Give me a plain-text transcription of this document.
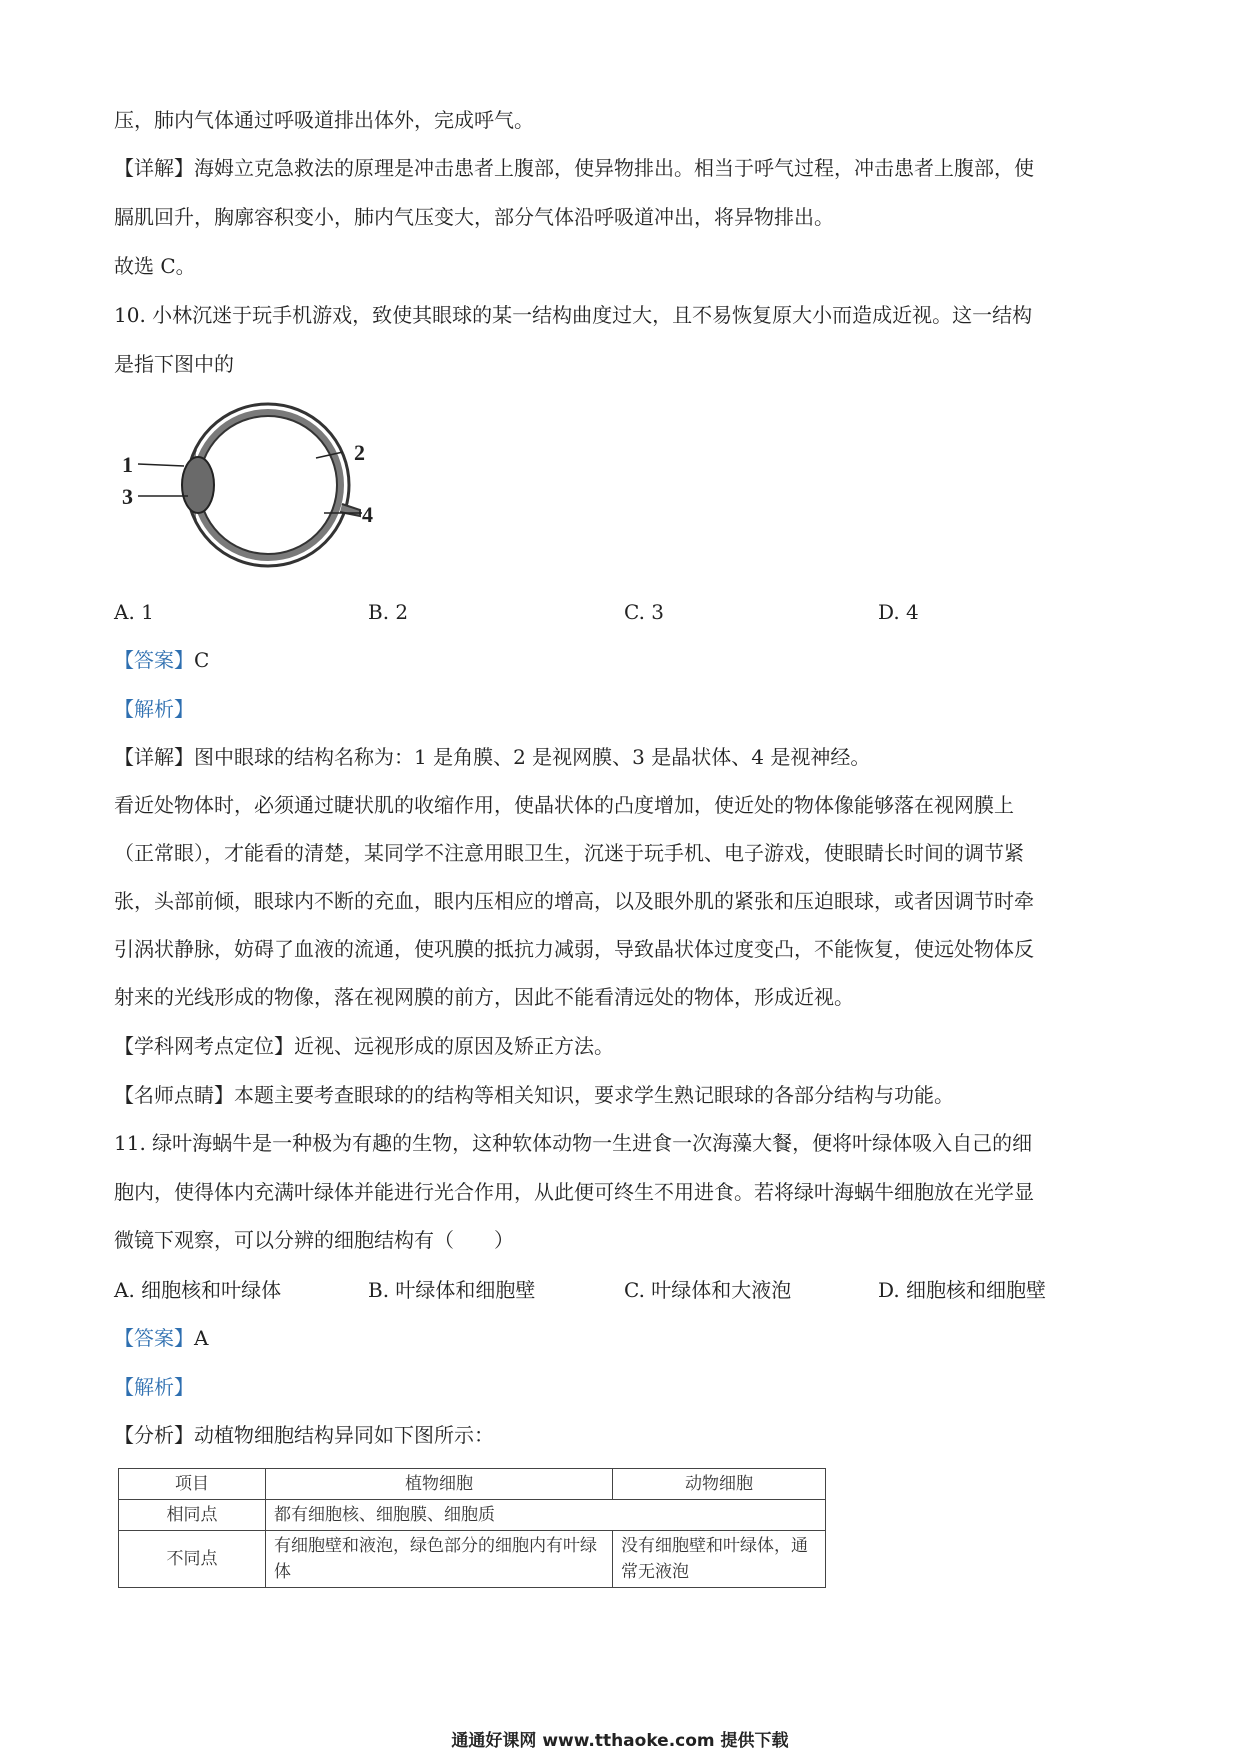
压，肺内气体通过呼吸道排出体外，完成呼气。
【详解】海姆立克急救法的原理是冲击患者上腹部，使异物排出。相当于呼气过程，冲击患者上腹部，使
膈肌回升，胸廓容积变小，肺内气压变大，部分气体沿呼吸道冲出，将异物排出。
故选 C。
10. 小林沉迷于玩手机游戏，致使其眼球的某一结构曲度过大，且不易恢复原大小而造成近视。这一结构
是指下图中的
1
3
2
4
A. 1	B. 2	C. 3	D. 4
【答案】C
【解析】
【详解】图中眼球的结构名称为：1 是角膜、2 是视网膜、3 是晶状体、4 是视神经。
看近处物体时，必须通过睫状肌的收缩作用，使晶状体的凸度增加，使近处的物体像能够落在视网膜上
（正常眼），才能看的清楚，某同学不注意用眼卫生，沉迷于玩手机、电子游戏，使眼睛长时间的调节紧
张，头部前倾，眼球内不断的充血，眼内压相应的增高，以及眼外肌的紧张和压迫眼球，或者因调节时牵
引涡状静脉，妨碍了血液的流通，使巩膜的抵抗力减弱，导致晶状体过度变凸，不能恢复，使远处物体反
射来的光线形成的物像，落在视网膜的前方，因此不能看清远处的物体，形成近视。
【学科网考点定位】近视、远视形成的原因及矫正方法。
【名师点睛】本题主要考查眼球的的结构等相关知识，要求学生熟记眼球的各部分结构与功能。
11. 绿叶海蜗牛是一种极为有趣的生物，这种软体动物一生进食一次海藻大餐，便将叶绿体吸入自己的细
胞内，使得体内充满叶绿体并能进行光合作用，从此便可终生不用进食。若将绿叶海蜗牛细胞放在光学显
微镜下观察，可以分辨的细胞结构有（　　）
A. 细胞核和叶绿体	B. 叶绿体和细胞壁	C. 叶绿体和大液泡	D. 细胞核和细胞壁
【答案】A
【解析】
【分析】动植物细胞结构异同如下图所示：
项目	植物细胞	动物细胞
相同点	都有细胞核、细胞膜、细胞质	
不同点	有细胞壁和液泡，绿色部分的细胞内有叶绿体	没有细胞壁和叶绿体，通常无液泡
通通好课网 www.tthaoke.com 提供下载
